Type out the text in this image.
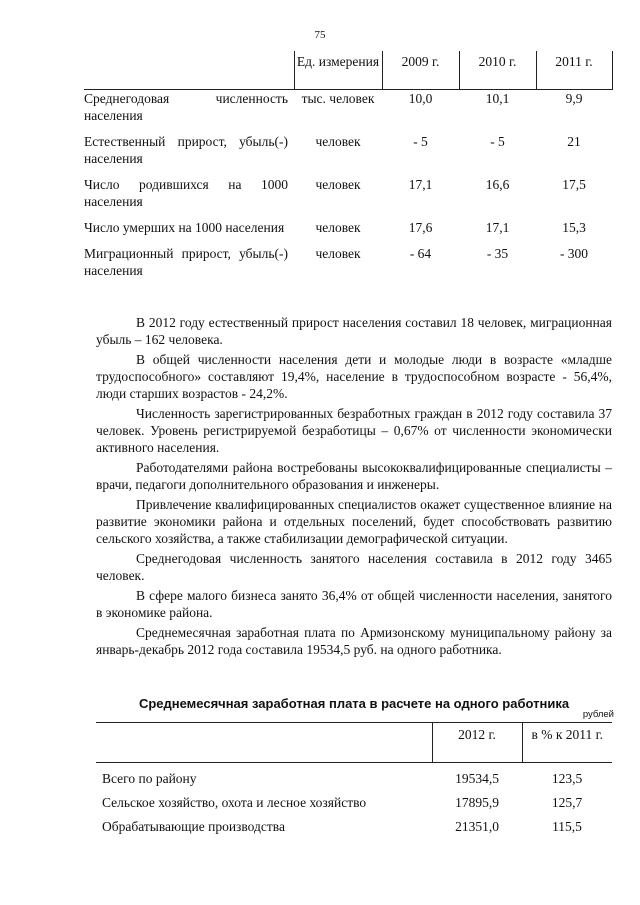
75
	Ед. измерения	2009 г.	2010 г.	2011 г.
Среднегодовая численность населения	тыс. человек	10,0	10,1	9,9
Естественный прирост, убыль(-) населения	человек	- 5	- 5	21
Число родившихся на 1000 населения	человек	17,1	16,6	17,5
Число умерших на 1000 населения	человек	17,6	17,1	15,3
Миграционный прирост, убыль(-) населения	человек	- 64	- 35	- 300

В 2012 году естественный прирост населения составил 18 человек, миграционная убыль – 162 человека.

В общей численности населения дети и молодые люди в возрасте «младше трудоспособного» составляют 19,4%, население в трудоспособном возрасте - 56,4%, люди старших возрастов - 24,2%.

Численность зарегистрированных безработных граждан в 2012 году составила 37 человек. Уровень регистрируемой безработицы – 0,67% от численности экономически активного населения.

Работодателями района востребованы высококвалифицированные специалисты – врачи, педагоги дополнительного образования и инженеры.

Привлечение квалифицированных специалистов окажет существенное влияние на развитие экономики района и отдельных поселений, будет способствовать развитию сельского хозяйства, а также стабилизации демографической ситуации.

Среднегодовая численность занятого населения составила в 2012 году 3465 человек.

В сфере малого бизнеса занято 36,4% от общей численности населения, занятого в экономике района.

Среднемесячная заработная плата по Армизонскому муниципальному району за январь-декабрь 2012 года составила 19534,5 руб. на одного работника.

Среднемесячная заработная плата в расчете на одного работника
рублей
	2012 г.	в % к 2011 г.
Всего по району	19534,5	123,5
Сельское хозяйство, охота и лесное хозяйство	17895,9	125,7
Обрабатывающие производства	21351,0	115,5
